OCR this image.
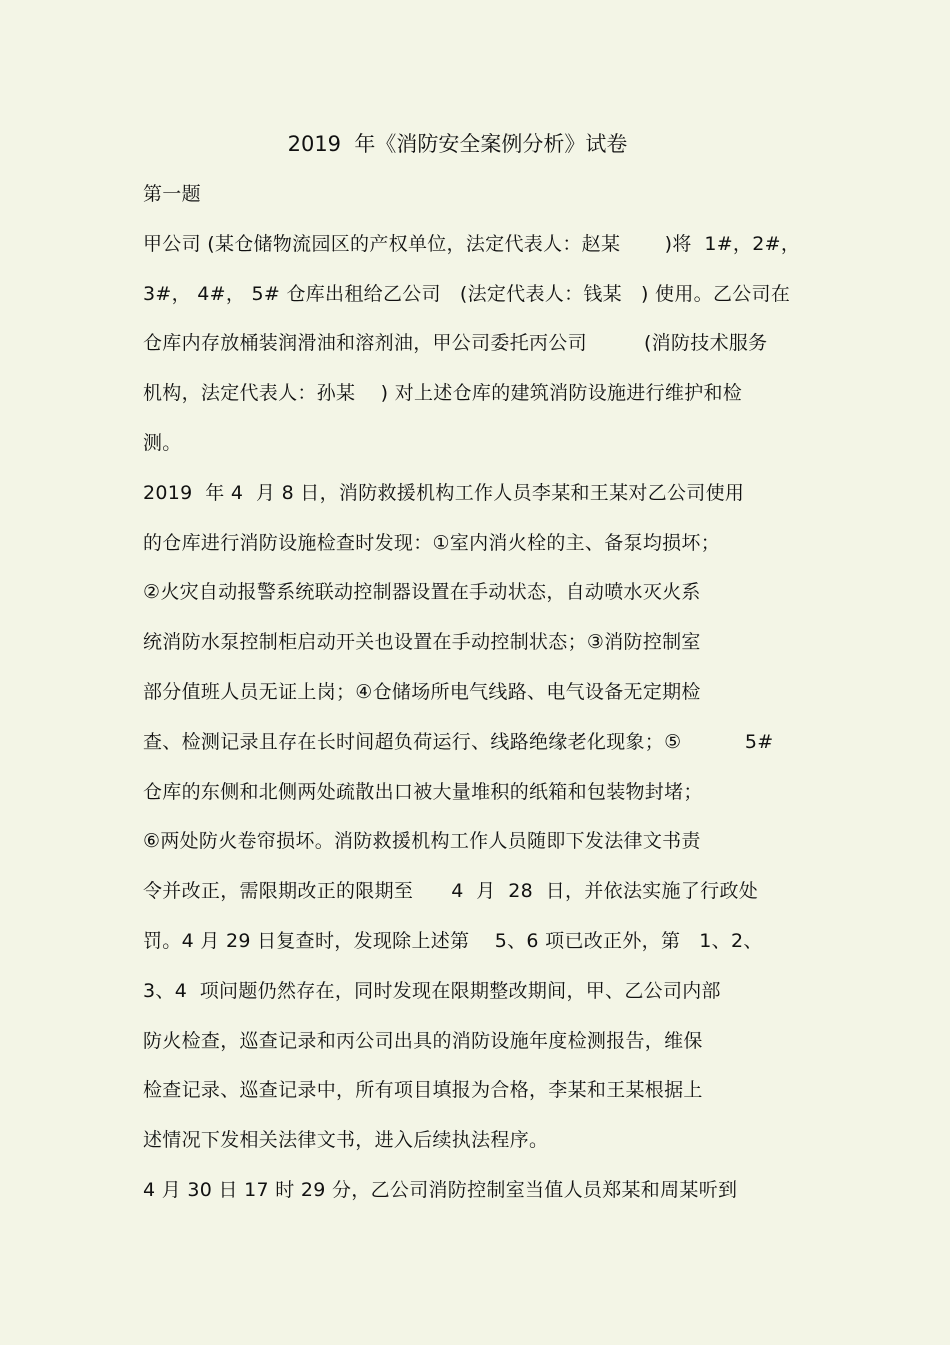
2019  年《消防安全案例分析》试卷
第一题
甲公司 (某仓储物流园区的产权单位，法定代表人：赵某       )将  1#，2#，
3#， 4#， 5# 仓库出租给乙公司   (法定代表人：钱某   ) 使用。乙公司在
仓库内存放桶装润滑油和溶剂油，甲公司委托丙公司         (消防技术服务
机构，法定代表人：孙某    ) 对上述仓库的建筑消防设施进行维护和检
测。
2019  年 4  月 8 日，消防救援机构工作人员李某和王某对乙公司使用
的仓库进行消防设施检查时发现：①室内消火栓的主、备泵均损坏；
②火灾自动报警系统联动控制器设置在手动状态，自动喷水灭火系
统消防水泵控制柜启动开关也设置在手动控制状态；③消防控制室
部分值班人员无证上岗；④仓储场所电气线路、电气设备无定期检
查、检测记录且存在长时间超负荷运行、线路绝缘老化现象；⑤          5#
仓库的东侧和北侧两处疏散出口被大量堆积的纸箱和包装物封堵；
⑥两处防火卷帘损坏。消防救援机构工作人员随即下发法律文书责
令并改正，需限期改正的限期至      4  月  28  日，并依法实施了行政处
罚。4 月 29 日复查时，发现除上述第    5、6 项已改正外，第   1、2、
3、4  项问题仍然存在，同时发现在限期整改期间，甲、乙公司内部
防火检查，巡查记录和丙公司出具的消防设施年度检测报告，维保
检查记录、巡查记录中，所有项目填报为合格，李某和王某根据上
述情况下发相关法律文书，进入后续执法程序。
4 月 30 日 17 时 29 分，乙公司消防控制室当值人员郑某和周某听到
